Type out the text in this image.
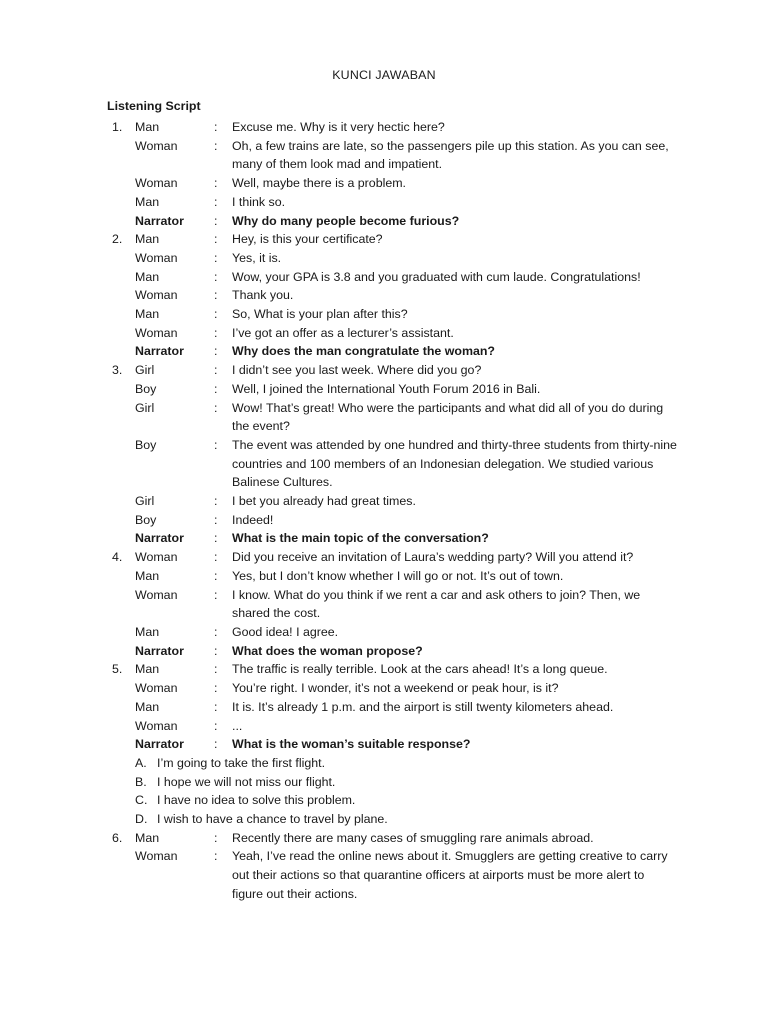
KUNCI JAWABAN
Listening Script
1.	Man	:	Excuse me. Why is it very hectic here?
Woman	:	Oh, a few trains are late, so the passengers pile up this station. As you can see, many of them look mad and impatient.
Woman	:	Well, maybe there is a problem.
Man	:	I think so.
Narrator	:	Why do many people become furious?
2.	Man	:	Hey, is this your certificate?
Woman	:	Yes, it is.
Man	:	Wow, your GPA is 3.8 and you graduated with cum laude. Congratulations!
Woman	:	Thank you.
Man	:	So, What is your plan after this?
Woman	:	I’ve got an offer as a lecturer’s assistant.
Narrator	:	Why does the man congratulate the woman?
3.	Girl	:	I didn’t see you last week. Where did you go?
Boy	:	Well, I joined the International Youth Forum 2016 in Bali.
Girl	:	Wow! That’s great! Who were the participants and what did all of you do during the event?
Boy	:	The event was attended by one hundred and thirty-three students from thirty-nine countries and 100 members of an Indonesian delegation. We studied various Balinese Cultures.
Girl	:	I bet you already had great times.
Boy	:	Indeed!
Narrator	:	What is the main topic of the conversation?
4.	Woman	:	Did you receive an invitation of Laura’s wedding party? Will you attend it?
Man	:	Yes, but I don’t know whether I will go or not. It’s out of town.
Woman	:	I know. What do you think if we rent a car and ask others to join? Then, we shared the cost.
Man	:	Good idea! I agree.
Narrator	:	What does the woman propose?
5.	Man	:	The traffic is really terrible. Look at the cars ahead! It’s a long queue.
Woman	:	You’re right. I wonder, it’s not a weekend or peak hour, is it?
Man	:	It is. It’s already 1 p.m. and the airport is still twenty kilometers ahead.
Woman	:	...
Narrator	:	What is the woman’s suitable response?
A. I’m going to take the first flight.
B. I hope we will not miss our flight.
C. I have no idea to solve this problem.
D. I wish to have a chance to travel by plane.
6.	Man	:	Recently there are many cases of smuggling rare animals abroad.
Woman	:	Yeah, I’ve read the online news about it. Smugglers are getting creative to carry out their actions so that quarantine officers at airports must be more alert to figure out their actions.
